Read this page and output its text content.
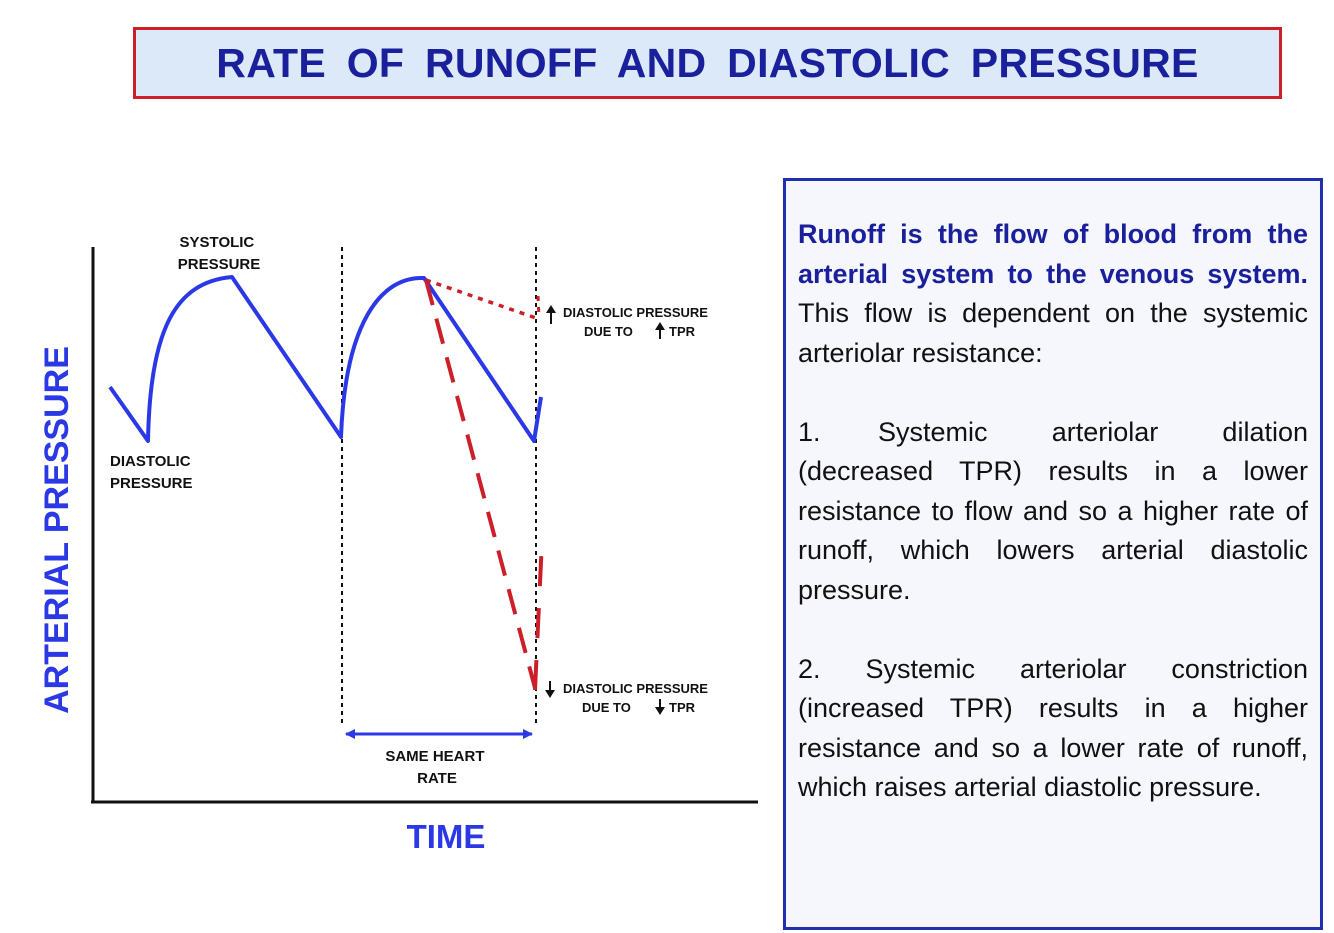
RATE OF RUNOFF AND DIASTOLIC PRESSURE
ARTERIAL PRESSURE
TIME
SYSTOLIC PRESSURE
DIASTOLIC PRESSURE
DIASTOLIC PRESSURE
DUE TO	TPR
DIASTOLIC PRESSURE
DUE TO	TPR
SAME HEART RATE

Runoff is the flow of blood from the arterial system to the venous system. This flow is dependent on the systemic arteriolar resistance:

1. Systemic arteriolar dilation (decreased TPR) results in a lower resistance to flow and so a higher rate of runoff, which lowers arterial diastolic pressure.

2. Systemic arteriolar constriction (increased TPR) results in a higher resistance and so a lower rate of runoff, which raises arterial diastolic pressure.
